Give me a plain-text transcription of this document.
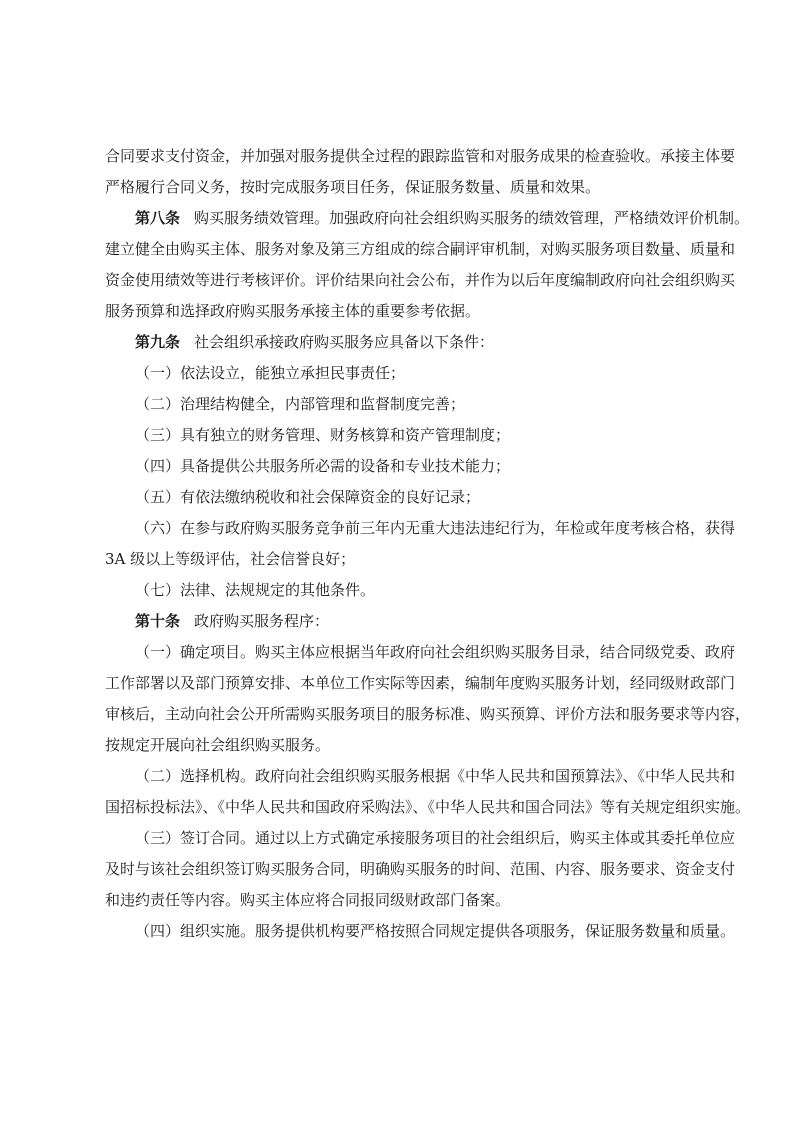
合同要求支付资金，并加强对服务提供全过程的跟踪监管和对服务成果的检查验收。承接主体要
严格履行合同义务，按时完成服务项目任务，保证服务数量、质量和效果。
第八条 购买服务绩效管理。加强政府向社会组织购买服务的绩效管理，严格绩效评价机制。
建立健全由购买主体、服务对象及第三方组成的综合嗣评审机制，对购买服务项目数量、质量和
资金使用绩效等进行考核评价。评价结果向社会公布，并作为以后年度编制政府向社会组织购买
服务预算和选择政府购买服务承接主体的重要参考依据。
第九条 社会组织承接政府购买服务应具备以下条件：
（一）依法设立，能独立承担民事责任；
（二）治理结构健全，内部管理和监督制度完善；
（三）具有独立的财务管理、财务核算和资产管理制度；
（四）具备提供公共服务所必需的设备和专业技术能力；
（五）有依法缴纳税收和社会保障资金的良好记录；
（六）在参与政府购买服务竞争前三年内无重大违法违纪行为，年检或年度考核合格，获得
3A 级以上等级评估，社会信誉良好；
（七）法律、法规规定的其他条件。
第十条 政府购买服务程序：
（一）确定项目。购买主体应根据当年政府向社会组织购买服务目录，结合同级党委、政府
工作部署以及部门预算安排、本单位工作实际等因素，编制年度购买服务计划，经同级财政部门
审核后，主动向社会公开所需购买服务项目的服务标准、购买预算、评价方法和服务要求等内容，
按规定开展向社会组织购买服务。
（二）选择机构。政府向社会组织购买服务根据《中华人民共和国预算法》、《中华人民共和
国招标投标法》、《中华人民共和国政府采购法》、《中华人民共和国合同法》等有关规定组织实施。
（三）签订合同。通过以上方式确定承接服务项目的社会组织后，购买主体或其委托单位应
及时与该社会组织签订购买服务合同，明确购买服务的时间、范围、内容、服务要求、资金支付
和违约责任等内容。购买主体应将合同报同级财政部门备案。
（四）组织实施。服务提供机构要严格按照合同规定提供各项服务，保证服务数量和质量。
